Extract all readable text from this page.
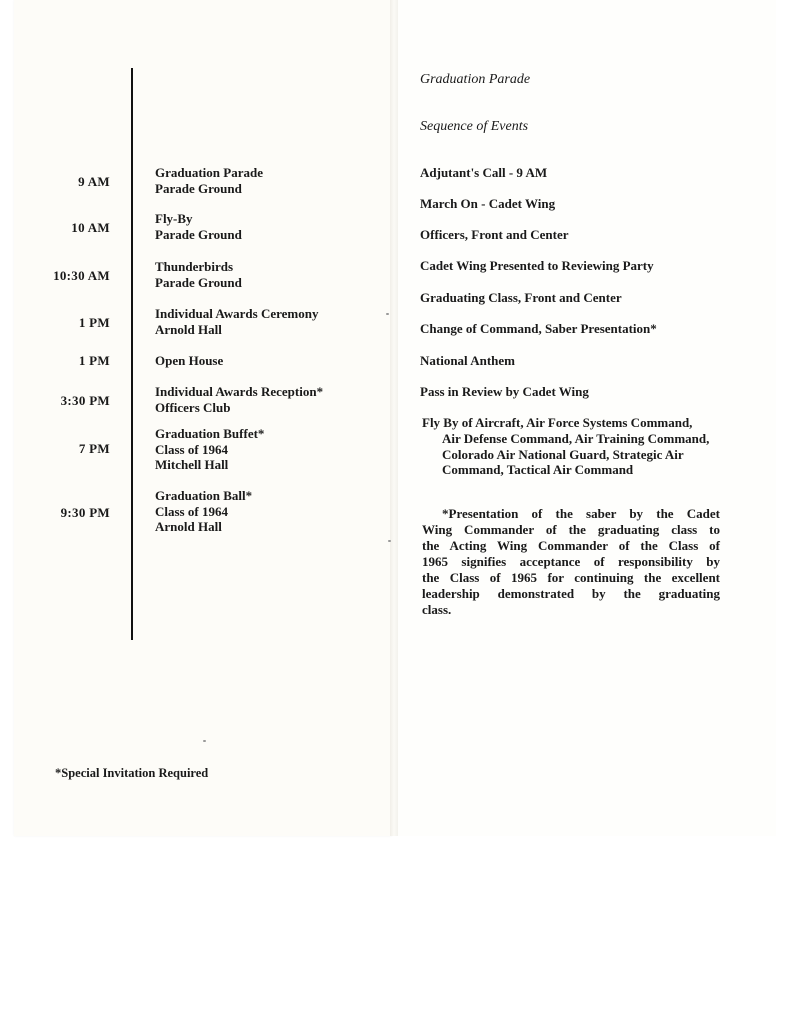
9 AM
Graduation Parade
Parade Ground
10 AM
Fly-By
Parade Ground
10:30 AM
Thunderbirds
Parade Ground
1 PM
Individual Awards Ceremony
Arnold Hall
1 PM	Open House
3:30 PM
Individual Awards Reception*
Officers Club
7 PM
Graduation Buffet*
Class of 1964
Mitchell Hall
9:30 PM
Graduation Ball*
Class of 1964
Arnold Hall
*Special Invitation Required
Graduation Parade
Sequence of Events
Adjutant's Call - 9 AM
March On - Cadet Wing
Officers, Front and Center
Cadet Wing Presented to Reviewing Party
Graduating Class, Front and Center
Change of Command, Saber Presentation*
National Anthem
Pass in Review by Cadet Wing
Fly By of Aircraft, Air Force Systems Command,
Air Defense Command, Air Training Command,
Colorado Air National Guard, Strategic Air
Command, Tactical Air Command
*Presentation of the saber by the Cadet
Wing Commander of the graduating class to
the Acting Wing Commander of the Class of
1965 signifies acceptance of responsibility by
the Class of 1965 for continuing the excellent
leadership demonstrated by the graduating
class.
